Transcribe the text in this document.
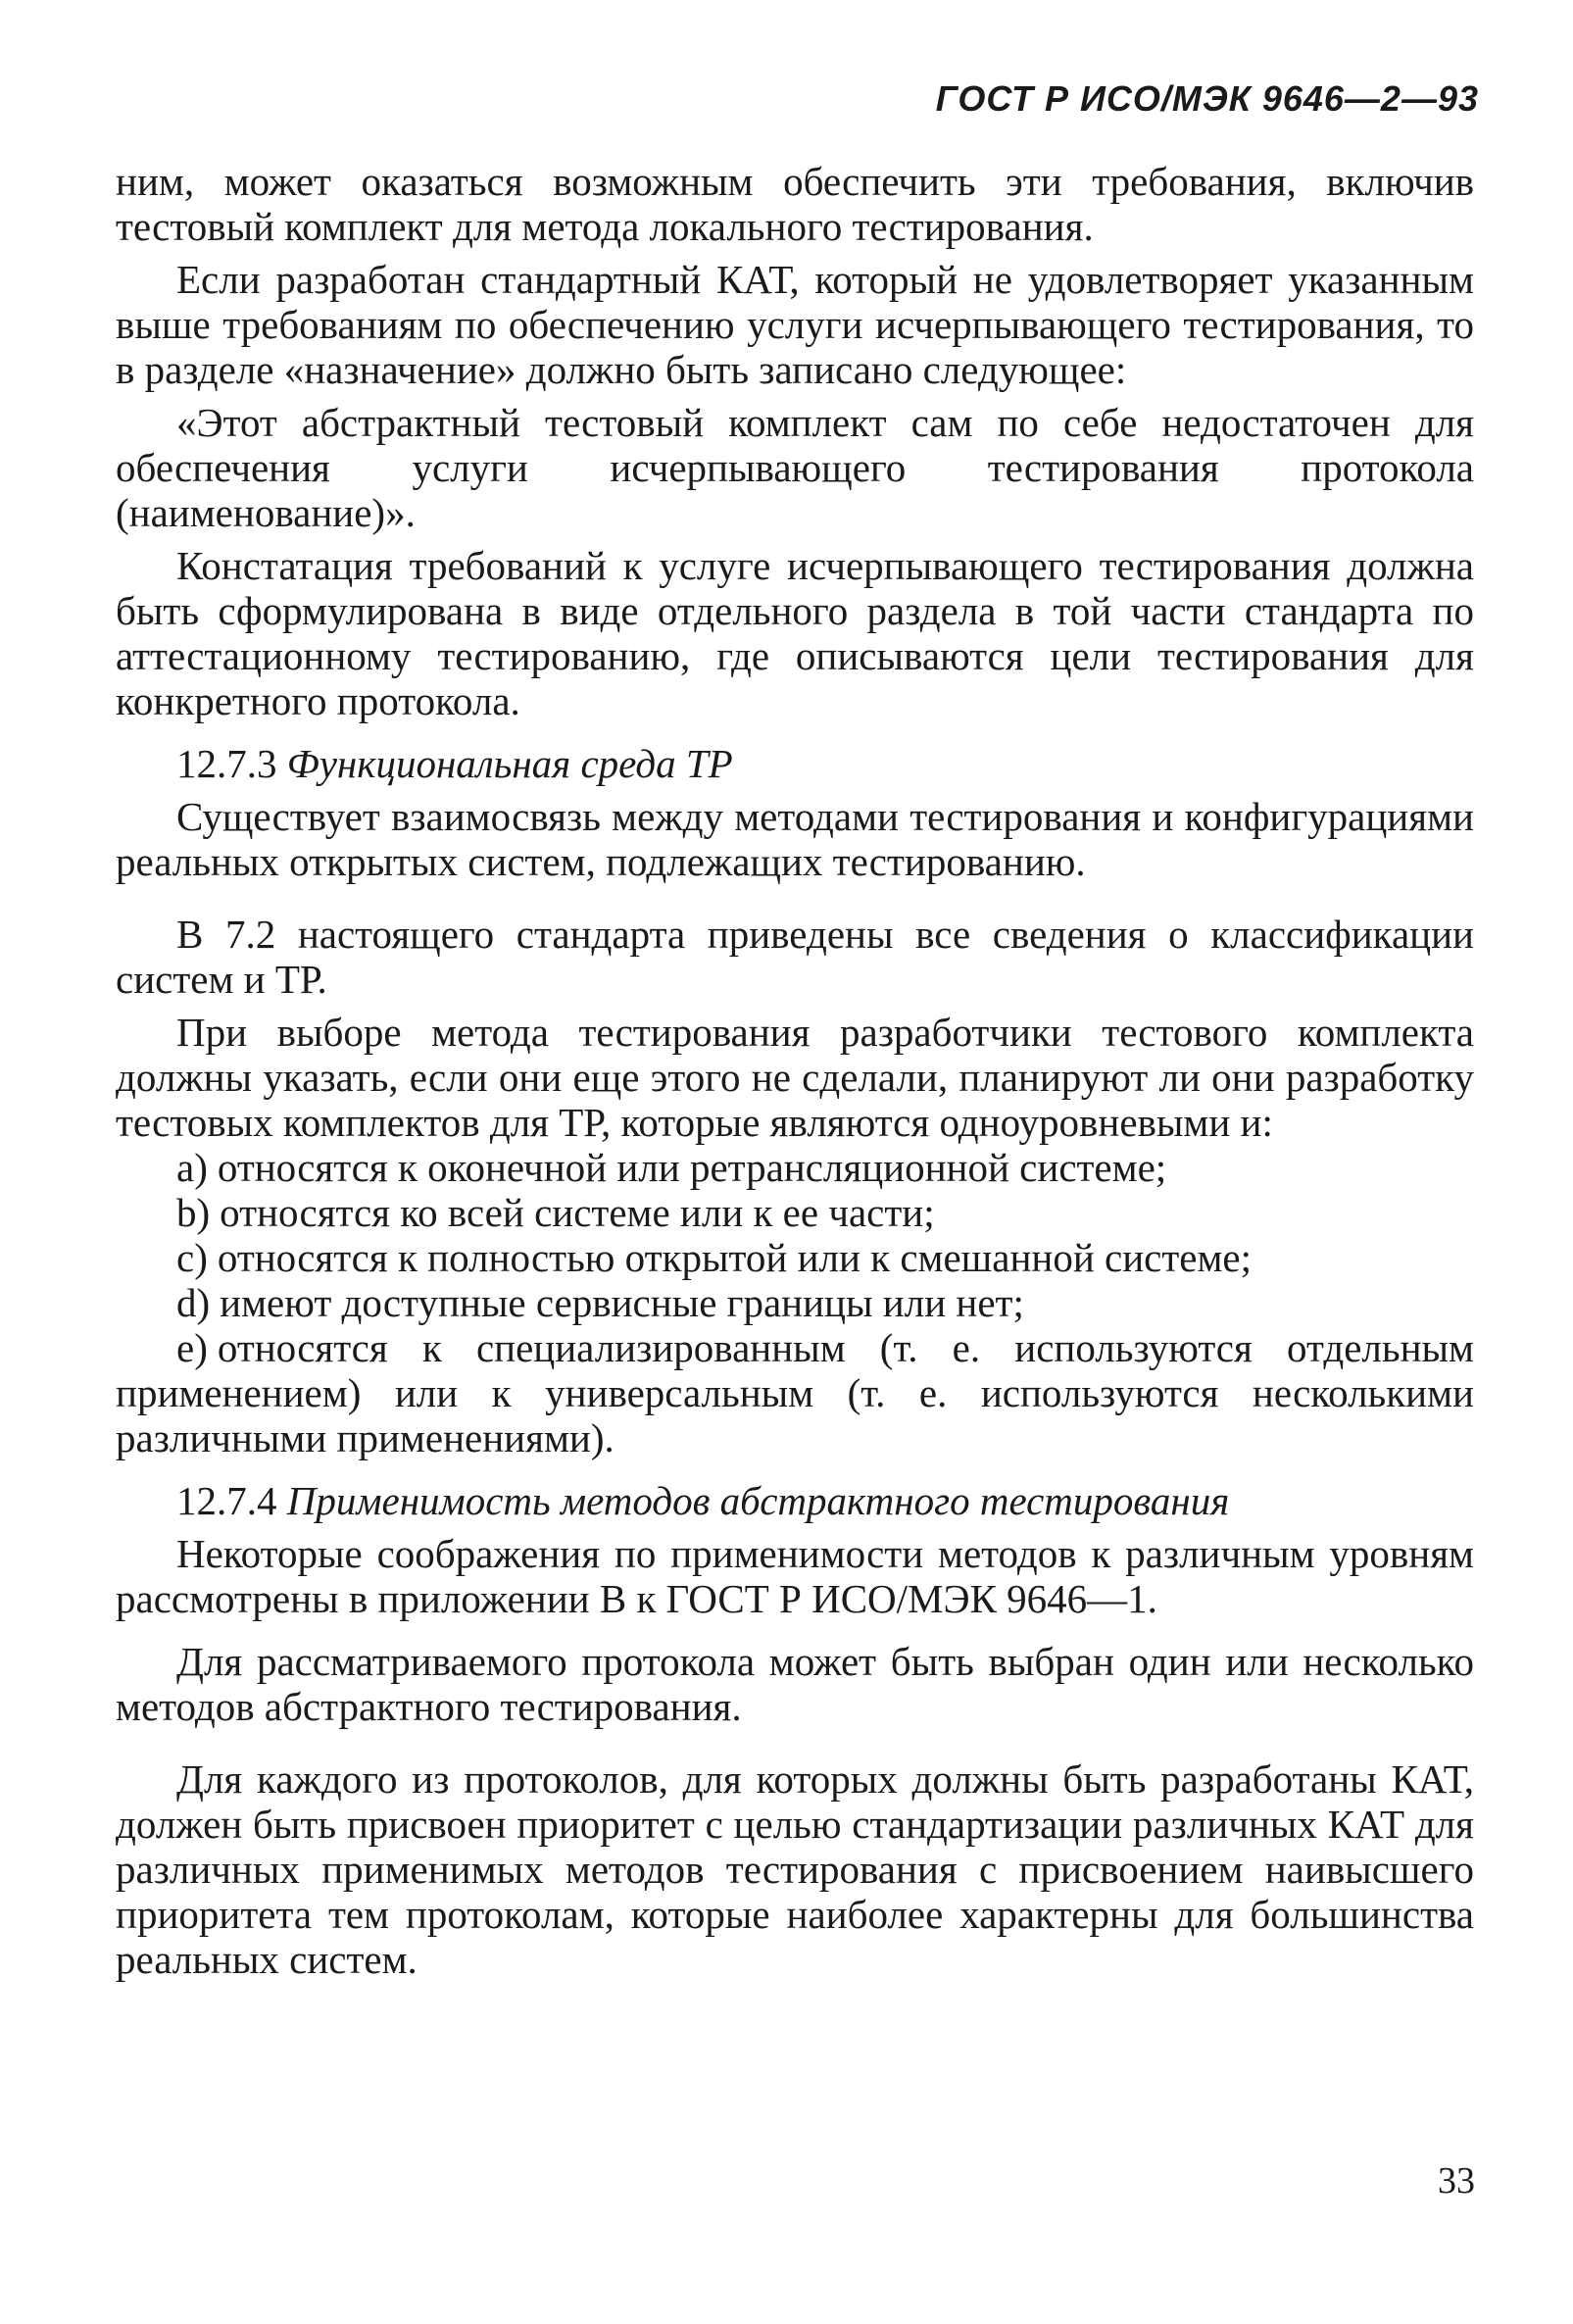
ГОСТ Р ИСО/МЭК 9646—2—93

ним, может оказаться возможным обеспечить эти требования, включив тестовый комплект для метода локального тестирования.

Если разработан стандартный КАТ, который не удовлетворяет указанным выше требованиям по обеспечению услуги исчерпывающего тестирования, то в разделе «назначение» должно быть записано следующее:

«Этот абстрактный тестовый комплект сам по себе недостаточен для обеспечения услуги исчерпывающего тестирования протокола (наименование)».

Констатация требований к услуге исчерпывающего тестирования должна быть сформулирована в виде отдельного раздела в той части стандарта по аттестационному тестированию, где описываются цели тестирования для конкретного протокола.

12.7.3 Функциональная среда ТР

Существует взаимосвязь между методами тестирования и конфигурациями реальных открытых систем, подлежащих тестированию.

В 7.2 настоящего стандарта приведены все сведения о классификации систем и ТР.

При выборе метода тестирования разработчики тестового комплекта должны указать, если они еще этого не сделали, планируют ли они разработку тестовых комплектов для ТР, которые являются одноуровневыми и:

a) относятся к оконечной или ретрансляционной системе;

b) относятся ко всей системе или к ее части;

c) относятся к полностью открытой или к смешанной системе;

d) имеют доступные сервисные границы или нет;

e) относятся к специализированным (т. е. используются отдельным применением) или к универсальным (т. е. используются несколькими различными применениями).

12.7.4 Применимость методов абстрактного тестирования

Некоторые соображения по применимости методов к различным уровням рассмотрены в приложении В к ГОСТ Р ИСО/МЭК 9646—1.

Для рассматриваемого протокола может быть выбран один или несколько методов абстрактного тестирования.

Для каждого из протоколов, для которых должны быть разработаны КАТ, должен быть присвоен приоритет с целью стандартизации различных КАТ для различных применимых методов тестирования с присвоением наивысшего приоритета тем протоколам, которые наиболее характерны для большинства реальных систем.

33
